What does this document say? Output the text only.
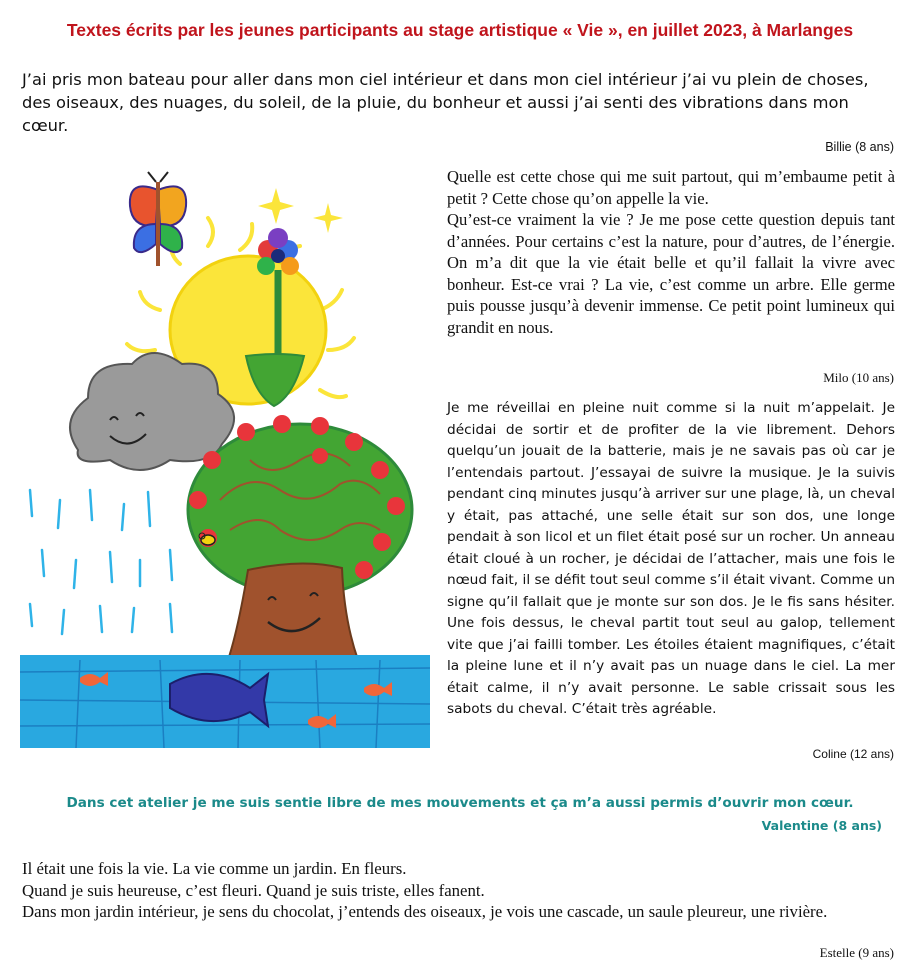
Textes écrits par les jeunes participants au stage artistique « Vie », en juillet 2023, à Marlanges
J’ai pris mon bateau pour aller dans mon ciel intérieur et dans mon ciel intérieur j’ai vu plein de choses, des oiseaux, des nuages, du soleil, de la pluie, du bonheur et aussi j’ai senti des vibrations dans mon cœur.
Billie (8 ans)

Quelle est cette chose qui me suit partout, qui m’embaume petit à petit ? Cette chose qu’on appelle la vie.

Qu’est-ce vraiment la vie ? Je me pose cette question depuis tant d’années. Pour certains c’est la nature, pour d’autres, de l’énergie. On m’a dit que la vie était belle et qu’il fallait la vivre avec bonheur. Est-ce vrai ? La vie, c’est comme un arbre. Elle germe puis pousse jusqu’à devenir immense. Ce petit point lumineux qui grandit en nous.

Milo (10 ans)
Je me réveillai en pleine nuit comme si la nuit m’appelait. Je décidai de sortir et de profiter de la vie librement. Dehors quelqu’un jouait de la batterie, mais je ne savais pas où car je l’entendais partout. J’essayai de suivre la musique. Je la suivis pendant cinq minutes jusqu’à arriver sur une plage, là, un cheval y était, pas attaché, une selle était sur son dos, une longe pendait à son licol et un filet était posé sur un rocher. Un anneau était cloué à un rocher, je décidai de l’attacher, mais une fois le nœud fait, il se défit tout seul comme s’il était vivant. Comme un signe qu’il fallait que je monte sur son dos. Je le fis sans hésiter. Une fois dessus, le cheval partit tout seul au galop, tellement vite que j’ai failli tomber. Les étoiles étaient magnifiques, c’était la pleine lune et il n’y avait pas un nuage dans le ciel. La mer était calme, il n’y avait personne. Le sable crissait sous les sabots du cheval. C’était très agréable.
Coline (12 ans)
Dans cet atelier je me suis sentie libre de mes mouvements et ça m’a aussi permis d’ouvrir mon cœur.
Valentine (8 ans)

Il était une fois la vie. La vie comme un jardin. En fleurs.

Quand je suis heureuse, c’est fleuri. Quand je suis triste, elles fanent.

Dans mon jardin intérieur, je sens du chocolat, j’entends des oiseaux, je vois une cascade, un saule pleureur, une rivière.

Estelle (9 ans)
